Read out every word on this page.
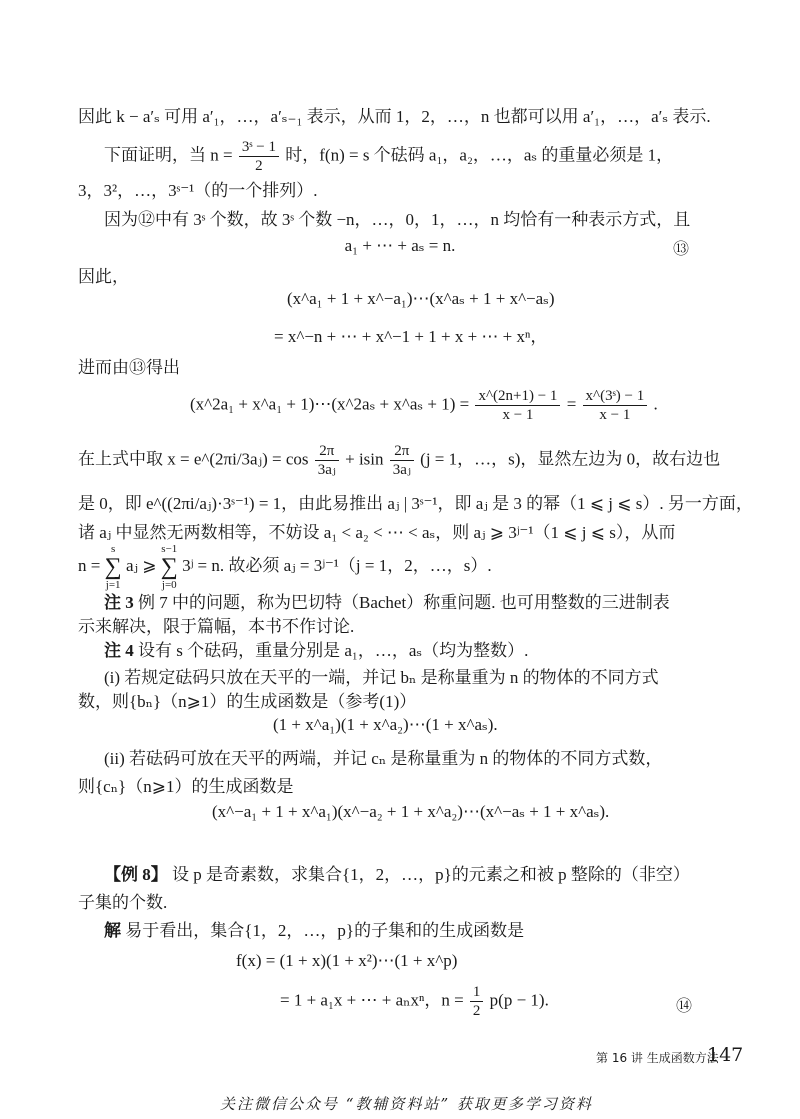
因此 k − a′ₛ 可用 a′₁，…，a′ₛ₋₁ 表示，从而 1，2，…，n 也都可以用 a′₁，…，a′ₛ 表示.
下面证明，当 $n = \frac{\text{3ˢ − 1}}{2}$ 时，f(n) = s 个砝码 a₁，a₂，…，aₛ 的重量必须是 1，
3，3²，…，3ˢ⁻¹（的一个排列）.
因为⑫中有 3ˢ 个数，故 3ˢ 个数 −n，…，0，1，…，n 均恰有一种表示方式，且
a₁ + ⋯ + aₛ = n.	⑬
因此，
(x^a₁ + 1 + x^−a₁)⋯(x^aₛ + 1 + x^−aₛ)
= x^−n + ⋯ + x^−1 + 1 + x + ⋯ + xⁿ，
进而由⑬得出
(x^2a₁ + x^a₁ + 1)⋯(x^2aₛ + x^aₛ + $1) = \frac{x\^{}(2n+1) - 1}{x - 1} = \frac{\text{x\textasciicircum{}(3ˢ) − 1}}{x - 1}$ .
在上式中取 x = e^(2πi/3aⱼ) = $\cos \frac{2\pi}{\text{3aⱼ}} + isin \frac{2\pi}{\text{3aⱼ}} (j = 1$，…，s)，显然左边为 0，故右边也
是 0，即 e^((2πi/aⱼ)·3ˢ⁻¹) = 1，由此易推出 aⱼ | 3ˢ⁻¹，即 aⱼ 是 3 的幂（1 ⩽ j ⩽ s）. 另一方面，
诸 aⱼ 中显然无两数相等，不妨设 a₁ < a₂ < ⋯ < aₛ，则 aⱼ ⩾ 3ʲ⁻¹（1 ⩽ j ⩽ s），从而
n =
s
∑
j=1
aⱼ ⩾
s−1
∑
j=0
3ʲ = n. 故必须 aⱼ = 3ʲ⁻¹（j = 1，2，…，s）.
注 3 例 7 中的问题，称为巴切特（Bachet）称重问题. 也可用整数的三进制表
示来解决，限于篇幅，本书不作讨论.
注 4 设有 s 个砝码，重量分别是 a₁，…，aₛ（均为整数）.
(i) 若规定砝码只放在天平的一端，并记 bₙ 是称量重为 n 的物体的不同方式
数，则{bₙ}（n⩾1）的生成函数是（参考(1)）
(1 + x^a₁)(1 + x^a₂)⋯(1 + x^aₛ).
(ii) 若砝码可放在天平的两端，并记 cₙ 是称量重为 n 的物体的不同方式数，
则{cₙ}（n⩾1）的生成函数是
(x^−a₁ + 1 + x^a₁)(x^−a₂ + 1 + x^a₂)⋯(x^−aₛ + 1 + x^aₛ).
【例 8】 设 p 是奇素数，求集合{1，2，…，p}的元素之和被 p 整除的（非空）
子集的个数.
解 易于看出，集合{1，2，…，p}的子集和的生成函数是
f(x) = (1 + x)(1 + x²)⋯(1 + x^p)
= 1 + a₁x + ⋯ + aₙxⁿ，$n = \frac{1}{2} p(p - 1)$.	⑭
第 16 讲 生成函数方法
147
关注微信公众号 “教辅资料站” 获取更多学习资料
